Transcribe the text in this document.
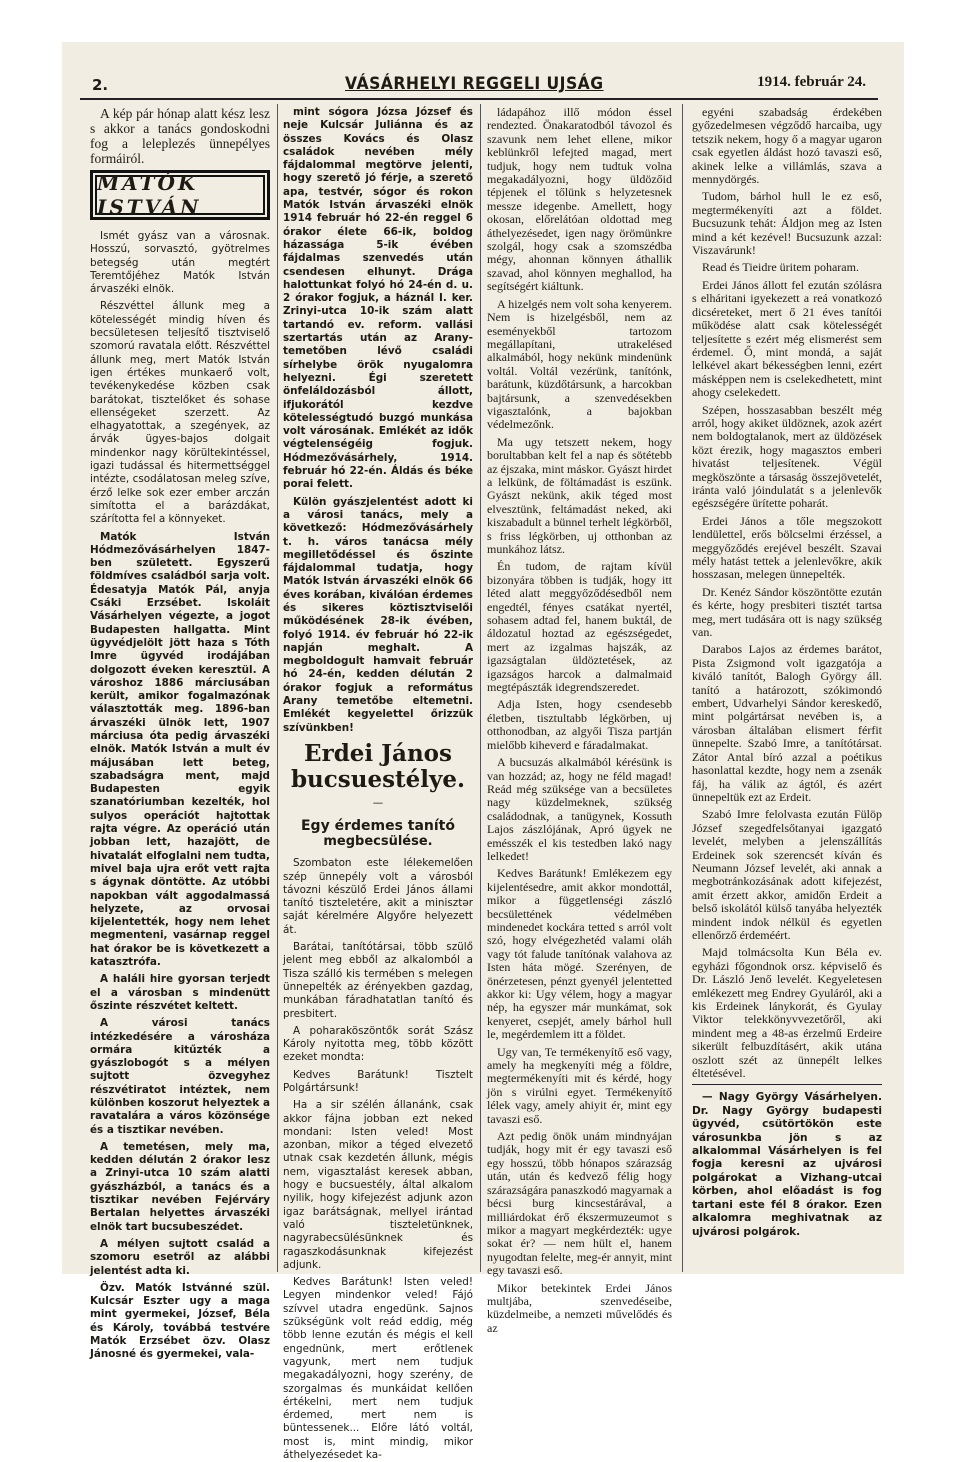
2.	VÁSÁRHELYI REGGELI UJSÁG	1914. február 24.

A kép pár hónap alatt kész lesz s akkor a tanács gondoskodni fog a leleplezés ünnepélyes formáiról.

MATÓK ISTVÁN

Ismét gyász van a városnak. Hosszú, sorvasztó, gyötrelmes betegség után megtért Teremtőjéhez Matók István árvaszéki elnök.

Részvéttel állunk meg a kötelességét mindig híven és becsületesen teljesítő tisztviselő szomorú ravatala előtt. Részvéttel állunk meg, mert Matók István igen értékes munkaerő volt, tevékenykedése közben csak barátokat, tisztelőket és sohase ellenségeket szerzett. Az elhagyatottak, a szegények, az árvák ügyes-bajos dolgait mindenkor nagy körültekintéssel, igazi tudással és hitermettséggel intézte, csodálatosan meleg szíve, érző lelke sok ezer ember arczán simította el a barázdákat, szárította fel a könnyeket.

Matók István Hódmezővásárhelyen 1847-ben született. Egyszerű földmíves családból sarja volt. Édesatyja Matók Pál, anyja Csáki Erzsébet. Iskoláit Vásárhelyen végezte, a jogot Budapesten hallgatta. Mint ügyvédjelölt jött haza s Tóth Imre ügyvéd irodájában dolgozott éveken keresztül. A városhoz 1886 márciusában került, amikor fogalmazónak választották meg. 1896-ban árvaszéki ülnök lett, 1907 márciusa óta pedig árvaszéki elnök. Matók István a mult év májusában lett beteg, szabadságra ment, majd Budapesten egyik szanatóriumban kezelték, hol sulyos operációt hajtottak rajta végre. Az operáció után jobban lett, hazajött, de hivatalát elfoglalni nem tudta, mivel baja ujra erőt vett rajta s ágynak döntötte. Az utóbbi napokban vált aggodalmassá helyzete, az orvosai kijelentették, hogy nem lehet megmenteni, vasárnap reggel hat órakor be is következett a katasztrófa.

A haláli hire gyorsan terjedt el a városban s mindenütt őszinte részvétet keltett.

A városi tanács intézkedésére a városháza ormára kitűzték a gyászlobogót s a mélyen sujtott özvegyhez részvétiratot intéztek, nem különben koszorut helyeztek a ravatalára a város közönsége és a tisztikar nevében.

A temetésen, mely ma, kedden délután 2 órakor lesz a Zrinyi-utca 10 szám alatti gyászházból, a tanács és a tisztikar nevében Fejérváry Bertalan helyettes árvaszéki elnök tart bucsubeszédet.

A mélyen sujtott család a szomoru esetről az alábbi jelentést adta ki.

Özv. Matók Istvánné szül. Kulcsár Eszter ugy a maga mint gyermekei, József, Béla és Károly, továbbá testvére Matók Erzsébet özv. Olasz Jánosné és gyermekei, vala-

mint sógora Józsa József és neje Kulcsár Juliánna és az összes Kovács és Olasz családok nevében mély fájdalommal megtörve jelenti, hogy szerető jó férje, a szerető apa, testvér, sógor és rokon Matók István árvaszéki elnök 1914 február hó 22-én reggel 6 órakor élete 66-ik, boldog házassága 5-ik évében fájdalmas szenvedés után csendesen elhunyt. Drága halottunkat folyó hó 24-én d. u. 2 órakor fogjuk, a háznál I. ker. Zrinyi-utca 10-ik szám alatt tartandó ev. reform. vallási szertartás után az Arany-temetőben lévő családi sírhelybe örök nyugalomra helyezni. Égi szeretett önfeláldozásból állott, ifjukorától kezdve kötelességtudó buzgó munkása volt városának. Emlékét az idők végtelenségéig fogjuk. Hódmezővásárhely, 1914. február hó 22-én. Áldás és béke porai felett.

Külön gyászjelentést adott ki a városi tanács, mely a következő: Hódmezővásárhely t. h. város tanácsa mély megilletődéssel és őszinte fájdalommal tudatja, hogy Matók István árvaszéki elnök 66 éves korában, kiválóan érdemes és sikeres köztisztviselői működésének 28-ik évében, folyó 1914. év február hó 22-ik napján meghalt. A megboldogult hamvait február hó 24-én, kedden délután 2 órakor fogjuk a református Arany temetőbe eltemetni. Emlékét kegyelettel őrizzük szívünkben!

Erdei János bucsuestélye.
—
Egy érdemes tanító
megbecsülése.

Szombaton este lélekemelően szép ünnepély volt a városból távozni készülő Erdei János állami tanító tiszteletére, akit a minisztər saját kérelmére Algyőre helyezett át.

Barátai, tanítótársai, több szülő jelent meg ebből az alkalomból a Tisza szálló kis termében s melegen ünnepelték az érényekben gazdag, munkában fáradhatatlan tanító és presbitert.

A poharaköszöntők sorát Szász Károly nyitotta meg, több között ezeket mondta:

Kedves Barátunk! Tisztelt Polgártársunk!

Ha a sir szélén állanánk, csak akkor fájna jobban ezt neked mondani: Isten veled! Most azonban, mikor a téged elvezető utnak csak kezdetén állunk, mégis nem, vigasztalást keresek abban, hogy e bucsuestély, által alkalom nyilik, hogy kifejezést adjunk azon igaz barátságnak, mellyel irántad való tiszteletünknek, nagyrabecsülésünknek és ragaszkodásunknak kifejezést adjunk.

Kedves Barátunk! Isten veled! Legyen mindenkor veled! Fájó szívvel utadra engedünk. Sajnos szükségünk volt reád eddig, még több lenne ezután és mégis el kell engednünk, mert erőtlenek vagyunk, mert nem tudjuk megakadályozni, hogy szerény, de szorgalmas és munkáidat kellően értékelni, mert nem tudjuk érdemed, mert nem is büntessenek... Előre látó voltál, most is, mint mindig, mikor áthelyezésedet ka-

ládapához illő módon éssel rendezted. Önakaratodból távozol és szavunk nem lehet ellene, mikor keblünkről lefejted magad, mert tudjuk, hogy nem tudtuk volna megakadályozni, hogy üldözőid tépjenek el tőlünk s helyzetesnek messze idegenbe. Amellett, hogy okosan, előrelátóan oldottad meg áthelyezésedet, igen nagy örömünkre szolgál, hogy csak a szomszédba mégy, ahonnan könnyen áthallik szavad, ahol könnyen meghallod, ha segítségért kiáltunk.

A hizelgés nem volt soha kenyerem. Nem is hizelgésből, nem az eseményekből tartozom megállapítani, utrakelésed alkalmából, hogy nekünk mindenünk voltál. Voltál vezérünk, tanítónk, barátunk, küzdőtársunk, a harcokban bajtársunk, a szenvedésekben vigasztalónk, a bajokban védelmezőnk.

Ma ugy tetszett nekem, hogy borultabban kelt fel a nap és sötétebb az éjszaka, mint máskor. Gyászt hirdet a lelkünk, de föltámadást is eszünk. Gyászt nekünk, akik téged most elvesztünk, feltámadást neked, aki kiszabadult a bünnel terhelt légkörből, s friss légkörben, uj otthonban az munkához látsz.

Én tudom, de rajtam kívül bizonyára többen is tudják, hogy itt léted alatt meggyőződésedből nem engedtél, fényes csatákat nyertél, sohasem adtad fel, hanem buktál, de áldozatul hoztad az egészségedet, mert az izgalmas hajszák, az igazságtalan üldöztetések, az igazságos harcok a dalmalmaid megtépászták idegrendszeredet.

Adja Isten, hogy csendesebb életben, tisztultabb légkörben, uj otthonodban, az algyői Tisza partján mielőbb kiheverd e fáradalmakat.

A bucsuzás alkalmából kérésünk is van hozzád; az, hogy ne féld magad! Reád még szüksége van a becsületes nagy küzdelmeknek, szükség családodnak, a tanügynek, Kossuth Lajos zászlójának, Apró ügyek ne emésszék el kis testedben lakó nagy lelkedet!

Kedves Barátunk! Emlékezem egy kijelentésedre, amit akkor mondottál, mikor a függetlenségi zászló becsülettének védelmében mindenedet kockára tetted s arról volt szó, hogy elvégezhetéd valami oláh vagy tót falude tanítónak valahova az Isten háta mögé. Szerényen, de önérzetesen, pénzt gyenyél jelentetted akkor ki: Ugy vélem, hogy a magyar nép, ha egyszer már munkámat, sok kenyeret, csepjét, amely bárhol hull le, megérdemlem itt a földet.

Ugy van, Te termékenyítő eső vagy, amely ha megkenyíti még a földre, megtermékenyíti mit és kérdé, hogy jön s virúlni egyet. Termékenyítő lélek vagy, amely ahiyit ér, mint egy tavaszi eső.

Azt pedig önök unám mindnyájan tudják, hogy mit ér egy tavaszi eső egy hosszú, több hónapos szárazság után, után és kedvező félig hogy szárazságára panaszkodó magyarnak a bécsi burg kincsestárával, a milliárdokat érő ékszermuzeumot s mikor a magyart megkérdezték: ugye sokat ér? — nem hült el, hanem nyugodtan felelte, meg-ér annyit, mint egy tavaszi eső.

Mikor betekintek Erdei János multjába, szenvedéseibe, küzdelmeibe, a nemzeti művelődés és az

egyéni szabadság érdekében győzedelmesen végződő harcaiba, ugy tetszik nekem, hogy ő a magyar ugaron csak egyetlen áldást hozó tavaszi eső, akinek lelke a villámlás, szava a mennydörgés.

Tudom, bárhol hull le ez eső, megtermékenyíti azt a földet. Bucsuzunk tehát: Áldjon meg az Isten mind a két kezével! Bucsuzunk azzal: Viszavárunk!

Read és Tieidre üritem poharam.

Erdei János állott fel ezután szólásra s elháritani igyekezett a reá vonatkozó dicséreteket, mert ő 21 éves tanítói működése alatt csak kötelességét teljesítette s ezért még elismerést sem érdemel. Ő, mint mondá, a saját lelkével akart békességben lenni, ezért másképpen nem is cselekedhetett, mint ahogy cselekedett.

Szépen, hosszasabban beszélt még arról, hogy akiket üldöznek, azok azért nem boldogtalanok, mert az üldözések közt érezik, hogy magasztos emberi hivatást teljesítenek. Végül megköszönte a társaság összejövetelét, iránta való jóindulatát s a jelenlevők egészségére ürítette poharát.

Erdei János a tőle megszokott lendülettel, erős bölcselmi érzéssel, a meggyőződés erejével beszélt. Szavai mély hatást tettek a jelenlevőkre, akik hosszasan, melegen ünnepelték.

Dr. Kenéz Sándor köszöntötte ezután és kérte, hogy presbiteri tisztét tartsa meg, mert tudására ott is nagy szükség van.

Darabos Lajos az érdemes barátot, Pista Zsigmond volt igazgatója a kiváló tanítót, Balogh György áll. tanító a határozott, szókimondó embert, Udvarhelyi Sándor kereskedő, mint polgártársat nevében is, a városban általában elismert férfit ünnepelte. Szabó Imre, a tanítótársat. Zátor Antal bíró azzal a poétikus hasonlattal kezdte, hogy nem a zsenák fáj, ha válik az ágtól, és azért ünnepeltük ezt az Erdeit.

Szabó Imre felolvasta ezután Fülöp József szegedfelsőtanyai igazgató levelét, melyben a jelenszállítás Erdeinek sok szerencsét kíván és Neumann József levelét, aki annak a megbotránkozásának adott kifejezést, amit érzett akkor, amidőn Erdeit a belső iskolától külső tanyába helyezték mindent indok nélkül és egyetlen ellenőrző érdeméért.

Majd tolmácsolta Kun Béla ev. egyházi főgondnok orsz. képviselő és Dr. László Jenő levelét. Kegyeletesen emlékezett meg Endrey Gyuláról, aki a kis Erdeinek lánykorát, és Gyulay Viktor telekkönyvvezetőről, aki mindent meg a 48-as érzelmű Erdeire sikerült felbuzdításért, akik utána oszlott szét az ünnepélt lelkes éltetésével.

— Nagy György Vásárhelyen. Dr. Nagy György budapesti ügyvéd, csütörtökön este városunkba jön s az alkalommal Vásárhelyen is fel fogja keresni az ujvárosi polgárokat a Vizhang-utcai körben, ahol előadást is fog tartani este fél 8 órakor. Ezen alkalomra meghivatnak az ujvárosi polgárok.
